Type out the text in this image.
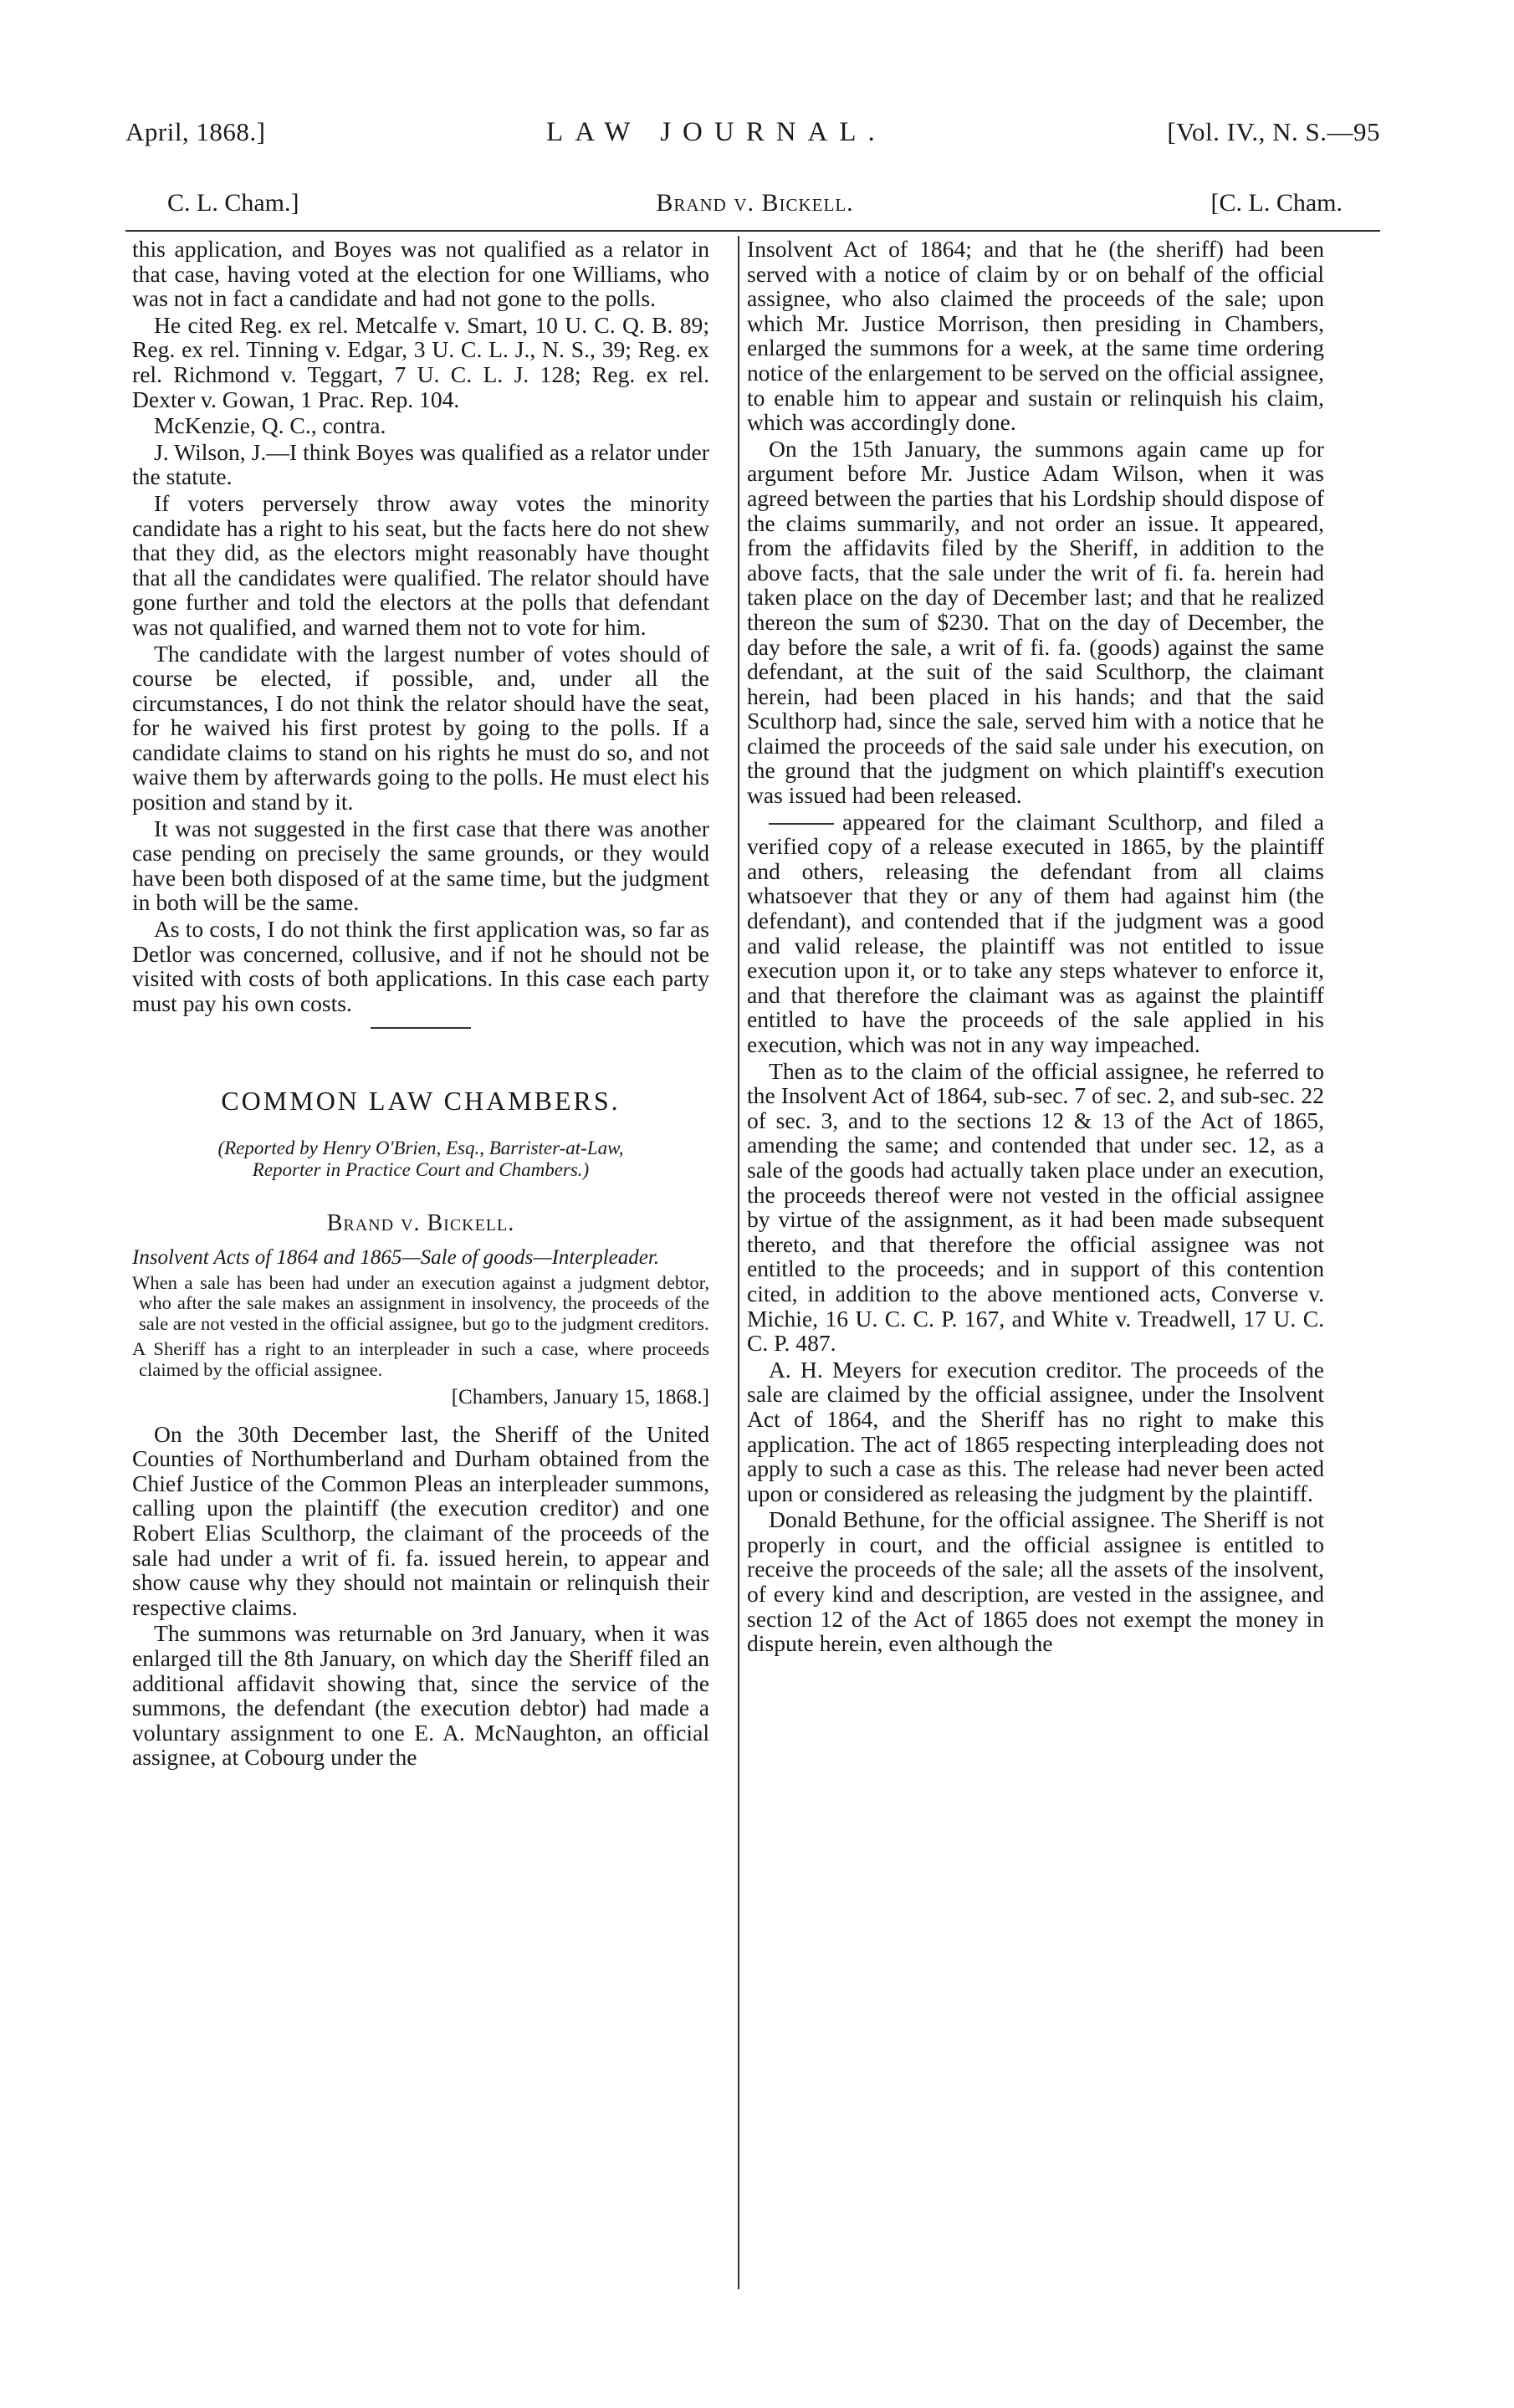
April, 1868.]	LAW JOURNAL.	[Vol. IV., N. S.—95
C. L. Cham.]	Brand v. Bickell.	[C. L. Cham.

this application, and Boyes was not qualified as a relator in that case, having voted at the election for one Williams, who was not in fact a candidate and had not gone to the polls.

He cited Reg. ex rel. Metcalfe v. Smart, 10 U. C. Q. B. 89; Reg. ex rel. Tinning v. Edgar, 3 U. C. L. J., N. S., 39; Reg. ex rel. Richmond v. Teggart, 7 U. C. L. J. 128; Reg. ex rel. Dexter v. Gowan, 1 Prac. Rep. 104.

McKenzie, Q. C., contra.

J. Wilson, J.—I think Boyes was qualified as a relator under the statute.

If voters perversely throw away votes the minority candidate has a right to his seat, but the facts here do not shew that they did, as the electors might reasonably have thought that all the candidates were qualified. The relator should have gone further and told the electors at the polls that defendant was not qualified, and warned them not to vote for him.

The candidate with the largest number of votes should of course be elected, if possible, and, under all the circumstances, I do not think the relator should have the seat, for he waived his first protest by going to the polls. If a candidate claims to stand on his rights he must do so, and not waive them by afterwards going to the polls. He must elect his position and stand by it.

It was not suggested in the first case that there was another case pending on precisely the same grounds, or they would have been both disposed of at the same time, but the judgment in both will be the same.

As to costs, I do not think the first application was, so far as Detlor was concerned, collusive, and if not he should not be visited with costs of both applications. In this case each party must pay his own costs.

COMMON LAW CHAMBERS.
(Reported by Henry O'Brien, Esq., Barrister-at-Law,
Reporter in Practice Court and Chambers.)
Brand v. Bickell.
Insolvent Acts of 1864 and 1865—Sale of goods—Interpleader.
When a sale has been had under an execution against a judgment debtor, who after the sale makes an assignment in insolvency, the proceeds of the sale are not vested in the official assignee, but go to the judgment creditors.
A Sheriff has a right to an interpleader in such a case, where proceeds claimed by the official assignee.
[Chambers, January 15, 1868.]

On the 30th December last, the Sheriff of the United Counties of Northumberland and Durham obtained from the Chief Justice of the Common Pleas an interpleader summons, calling upon the plaintiff (the execution creditor) and one Robert Elias Sculthorp, the claimant of the proceeds of the sale had under a writ of fi. fa. issued herein, to appear and show cause why they should not maintain or relinquish their respective claims.

The summons was returnable on 3rd January, when it was enlarged till the 8th January, on which day the Sheriff filed an additional affidavit showing that, since the service of the summons, the defendant (the execution debtor) had made a voluntary assignment to one E. A. McNaughton, an official assignee, at Cobourg under the

Insolvent Act of 1864; and that he (the sheriff) had been served with a notice of claim by or on behalf of the official assignee, who also claimed the proceeds of the sale; upon which Mr. Justice Morrison, then presiding in Chambers, enlarged the summons for a week, at the same time ordering notice of the enlargement to be served on the official assignee, to enable him to appear and sustain or relinquish his claim, which was accordingly done.

On the 15th January, the summons again came up for argument before Mr. Justice Adam Wilson, when it was agreed between the parties that his Lordship should dispose of the claims summarily, and not order an issue. It appeared, from the affidavits filed by the Sheriff, in addition to the above facts, that the sale under the writ of fi. fa. herein had taken place on the day of December last; and that he realized thereon the sum of $230. That on the day of December, the day before the sale, a writ of fi. fa. (goods) against the same defendant, at the suit of the said Sculthorp, the claimant herein, had been placed in his hands; and that the said Sculthorp had, since the sale, served him with a notice that he claimed the proceeds of the said sale under his execution, on the ground that the judgment on which plaintiff's execution was issued had been released.

appeared for the claimant Sculthorp, and filed a verified copy of a release executed in 1865, by the plaintiff and others, releasing the defendant from all claims whatsoever that they or any of them had against him (the defendant), and contended that if the judgment was a good and valid release, the plaintiff was not entitled to issue execution upon it, or to take any steps whatever to enforce it, and that therefore the claimant was as against the plaintiff entitled to have the proceeds of the sale applied in his execution, which was not in any way impeached.

Then as to the claim of the official assignee, he referred to the Insolvent Act of 1864, sub-sec. 7 of sec. 2, and sub-sec. 22 of sec. 3, and to the sections 12 & 13 of the Act of 1865, amending the same; and contended that under sec. 12, as a sale of the goods had actually taken place under an execution, the proceeds thereof were not vested in the official assignee by virtue of the assignment, as it had been made subsequent thereto, and that therefore the official assignee was not entitled to the proceeds; and in support of this contention cited, in addition to the above mentioned acts, Converse v. Michie, 16 U. C. C. P. 167, and White v. Treadwell, 17 U. C. C. P. 487.

A. H. Meyers for execution creditor. The proceeds of the sale are claimed by the official assignee, under the Insolvent Act of 1864, and the Sheriff has no right to make this application. The act of 1865 respecting interpleading does not apply to such a case as this. The release had never been acted upon or considered as releasing the judgment by the plaintiff.

Donald Bethune, for the official assignee. The Sheriff is not properly in court, and the official assignee is entitled to receive the proceeds of the sale; all the assets of the insolvent, of every kind and description, are vested in the assignee, and section 12 of the Act of 1865 does not exempt the money in dispute herein, even although the
